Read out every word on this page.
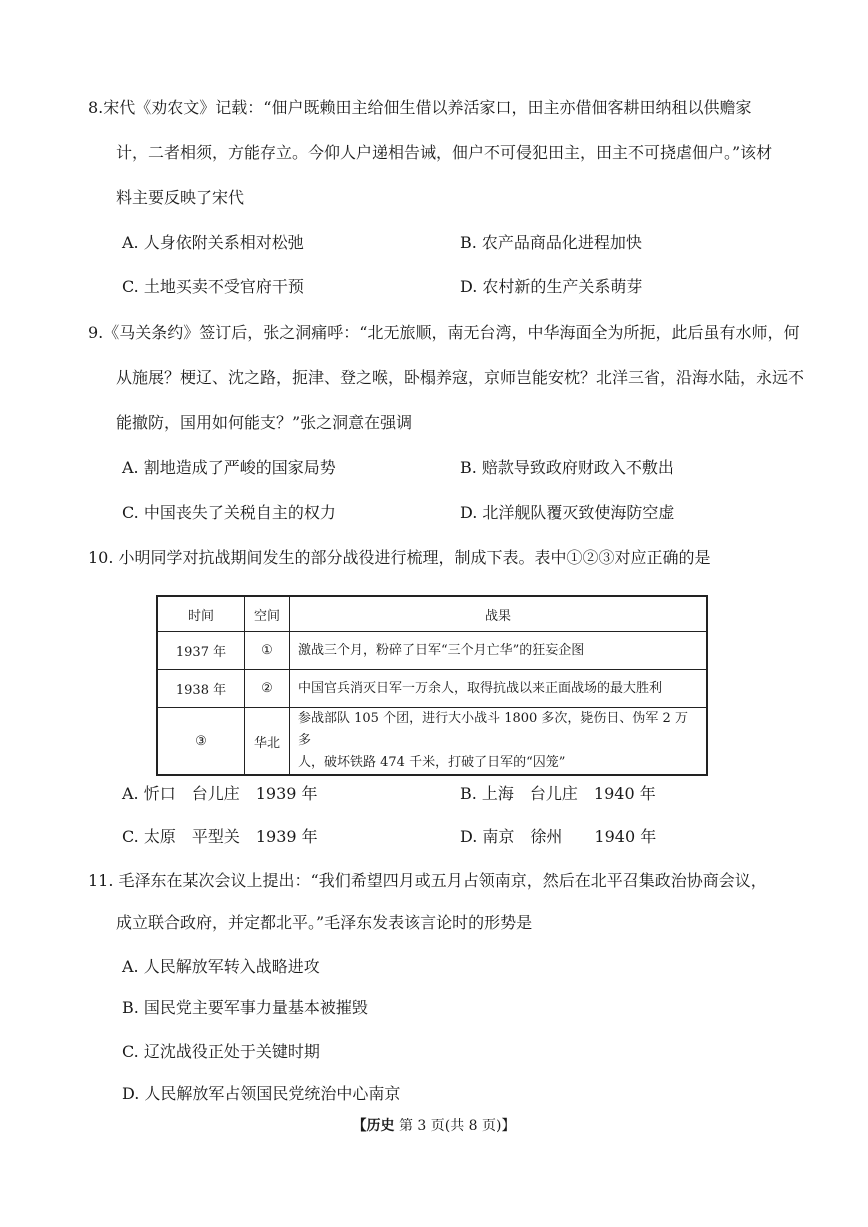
8.宋代《劝农文》记载：“佃户既赖田主给佃生借以养活家口，田主亦借佃客耕田纳租以供赡家
计，二者相须，方能存立。今仰人户递相告诫，佃户不可侵犯田主，田主不可挠虐佃户。”该材
料主要反映了宋代
A. 人身依附关系相对松弛	B. 农产品商品化进程加快
C. 土地买卖不受官府干预	D. 农村新的生产关系萌芽
9.《马关条约》签订后，张之洞痛呼：“北无旅顺，南无台湾，中华海面全为所扼，此后虽有水师，何
从施展？梗辽、沈之路，扼津、登之喉，卧榻养寇，京师岂能安枕？北洋三省，沿海水陆，永远不
能撤防，国用如何能支？”张之洞意在强调
A. 割地造成了严峻的国家局势	B. 赔款导致政府财政入不敷出
C. 中国丧失了关税自主的权力	D. 北洋舰队覆灭致使海防空虚
10. 小明同学对抗战期间发生的部分战役进行梳理，制成下表。表中①②③对应正确的是
时间	空间	战果
1937 年	①	激战三个月，粉碎了日军“三个月亡华”的狂妄企图
1938 年	②	中国官兵消灭日军一万余人，取得抗战以来正面战场的最大胜利
③	华北	参战部队 105 个团，进行大小战斗 1800 多次，毙伤日、伪军 2 万多
人，破坏铁路 474 千米，打破了日军的“囚笼”
A. 忻口　台儿庄　1939 年	B. 上海　台儿庄　1940 年
C. 太原　平型关　1939 年	D. 南京　徐州　　1940 年
11. 毛泽东在某次会议上提出：“我们希望四月或五月占领南京，然后在北平召集政治协商会议，
成立联合政府，并定都北平。”毛泽东发表该言论时的形势是
A. 人民解放军转入战略进攻
B. 国民党主要军事力量基本被摧毁
C. 辽沈战役正处于关键时期
D. 人民解放军占领国民党统治中心南京
【历史 第 3 页(共 8 页)】
